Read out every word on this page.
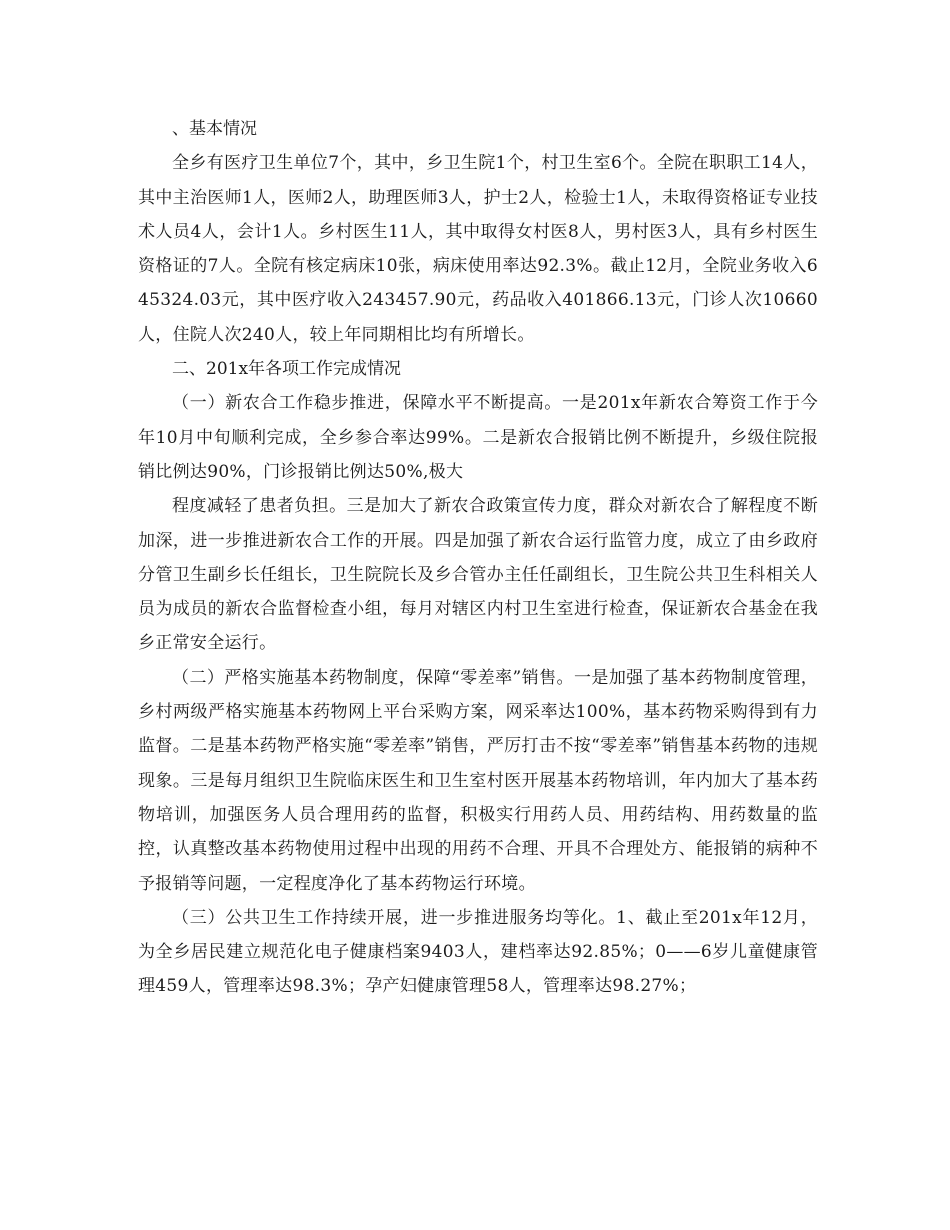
、基本情况

全乡有医疗卫生单位7个，其中，乡卫生院1个，村卫生室6个。全院在职职工14人，其中主治医师1人，医师2人，助理医师3人，护士2人，检验士1人，未取得资格证专业技术人员4人，会计1人。乡村医生11人，其中取得女村医8人，男村医3人，具有乡村医生资格证的7人。全院有核定病床10张，病床使用率达92.3%。截止12月，全院业务收入645324.03元，其中医疗收入243457.90元，药品收入401866.13元，门诊人次10660人，住院人次240人，较上年同期相比均有所增长。

二、201x年各项工作完成情况

（一）新农合工作稳步推进，保障水平不断提高。一是201x年新农合筹资工作于今年10月中旬顺利完成，全乡参合率达99%。二是新农合报销比例不断提升，乡级住院报销比例达90%，门诊报销比例达50%,极大

程度减轻了患者负担。三是加大了新农合政策宣传力度，群众对新农合了解程度不断加深，进一步推进新农合工作的开展。四是加强了新农合运行监管力度，成立了由乡政府分管卫生副乡长任组长，卫生院院长及乡合管办主任任副组长，卫生院公共卫生科相关人员为成员的新农合监督检查小组，每月对辖区内村卫生室进行检查，保证新农合基金在我乡正常安全运行。

（二）严格实施基本药物制度，保障“零差率”销售。一是加强了基本药物制度管理，乡村两级严格实施基本药物网上平台采购方案，网采率达100%，基本药物采购得到有力监督。二是基本药物严格实施“零差率”销售，严厉打击不按“零差率”销售基本药物的违规现象。三是每月组织卫生院临床医生和卫生室村医开展基本药物培训，年内加大了基本药物培训，加强医务人员合理用药的监督，积极实行用药人员、用药结构、用药数量的监控，认真整改基本药物使用过程中出现的用药不合理、开具不合理处方、能报销的病种不予报销等问题，一定程度净化了基本药物运行环境。

（三）公共卫生工作持续开展，进一步推进服务均等化。1、截止至201x年12月，为全乡居民建立规范化电子健康档案9403人，建档率达92.85%；0——6岁儿童健康管理459人，管理率达98.3%；孕产妇健康管理58人，管理率达98.27%；
